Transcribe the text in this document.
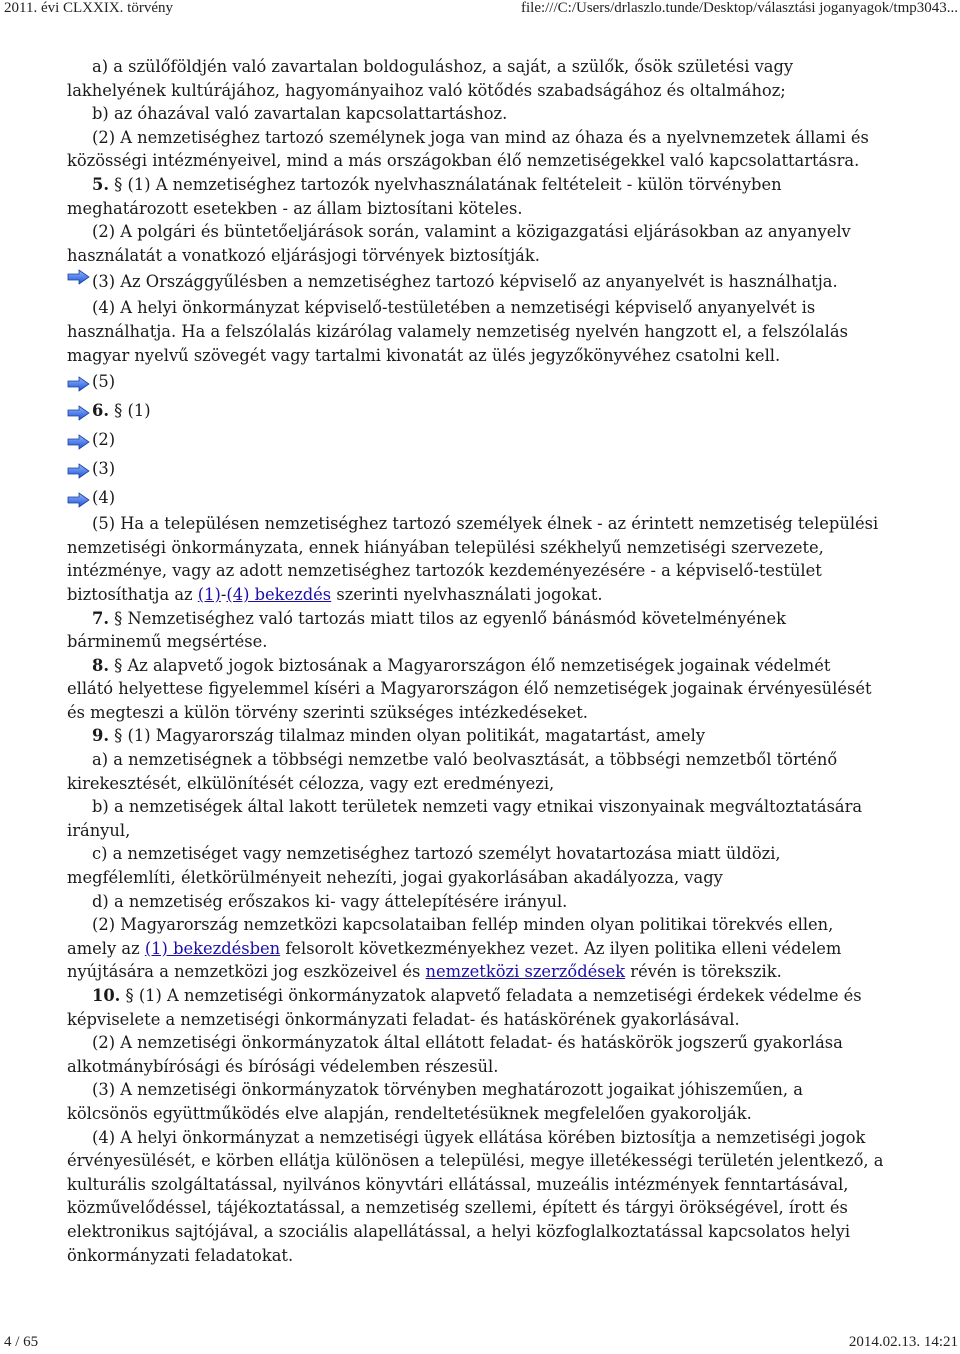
2011. évi CLXXIX. törvény	file:///C:/Users/drlaszlo.tunde/Desktop/választási joganyagok/tmp3043...
a) a szülőföldjén való zavartalan boldoguláshoz, a saját, a szülők, ősök születési vagy
lakhelyének kultúrájához, hagyományaihoz való kötődés szabadságához és oltalmához;
b) az óhazával való zavartalan kapcsolattartáshoz.
(2) A nemzetiséghez tartozó személynek joga van mind az óhaza és a nyelvnemzetek állami és
közösségi intézményeivel, mind a más országokban élő nemzetiségekkel való kapcsolattartásra.
5. § (1) A nemzetiséghez tartozók nyelvhasználatának feltételeit - külön törvényben
meghatározott esetekben - az állam biztosítani köteles.
(2) A polgári és büntetőeljárások során, valamint a közigazgatási eljárásokban az anyanyelv
használatát a vonatkozó eljárásjogi törvények biztosítják.
(3) Az Országgyűlésben a nemzetiséghez tartozó képviselő az anyanyelvét is használhatja.
(4) A helyi önkormányzat képviselő-testületében a nemzetiségi képviselő anyanyelvét is
használhatja. Ha a felszólalás kizárólag valamely nemzetiség nyelvén hangzott el, a felszólalás
magyar nyelvű szövegét vagy tartalmi kivonatát az ülés jegyzőkönyvéhez csatolni kell.
(5)
6. § (1)
(2)
(3)
(4)
(5) Ha a településen nemzetiséghez tartozó személyek élnek - az érintett nemzetiség települési
nemzetiségi önkormányzata, ennek hiányában települési székhelyű nemzetiségi szervezete,
intézménye, vagy az adott nemzetiséghez tartozók kezdeményezésére - a képviselő-testület
biztosíthatja az (1)-(4) bekezdés szerinti nyelvhasználati jogokat.
7. § Nemzetiséghez való tartozás miatt tilos az egyenlő bánásmód követelményének
bárminemű megsértése.
8. § Az alapvető jogok biztosának a Magyarországon élő nemzetiségek jogainak védelmét
ellátó helyettese figyelemmel kíséri a Magyarországon élő nemzetiségek jogainak érvényesülését
és megteszi a külön törvény szerinti szükséges intézkedéseket.
9. § (1) Magyarország tilalmaz minden olyan politikát, magatartást, amely
a) a nemzetiségnek a többségi nemzetbe való beolvasztását, a többségi nemzetből történő
kirekesztését, elkülönítését célozza, vagy ezt eredményezi,
b) a nemzetiségek által lakott területek nemzeti vagy etnikai viszonyainak megváltoztatására
irányul,
c) a nemzetiséget vagy nemzetiséghez tartozó személyt hovatartozása miatt üldözi,
megfélemlíti, életkörülményeit nehezíti, jogai gyakorlásában akadályozza, vagy
d) a nemzetiség erőszakos ki- vagy áttelepítésére irányul.
(2) Magyarország nemzetközi kapcsolataiban fellép minden olyan politikai törekvés ellen,
amely az (1) bekezdésben felsorolt következményekhez vezet. Az ilyen politika elleni védelem
nyújtására a nemzetközi jog eszközeivel és nemzetközi szerződések révén is törekszik.
10. § (1) A nemzetiségi önkormányzatok alapvető feladata a nemzetiségi érdekek védelme és
képviselete a nemzetiségi önkormányzati feladat- és hatáskörének gyakorlásával.
(2) A nemzetiségi önkormányzatok által ellátott feladat- és hatáskörök jogszerű gyakorlása
alkotmánybírósági és bírósági védelemben részesül.
(3) A nemzetiségi önkormányzatok törvényben meghatározott jogaikat jóhiszeműen, a
kölcsönös együttműködés elve alapján, rendeltetésüknek megfelelően gyakorolják.
(4) A helyi önkormányzat a nemzetiségi ügyek ellátása körében biztosítja a nemzetiségi jogok
érvényesülését, e körben ellátja különösen a települési, megye illetékességi területén jelentkező, a
kulturális szolgáltatással, nyilvános könyvtári ellátással, muzeális intézmények fenntartásával,
közművelődéssel, tájékoztatással, a nemzetiség szellemi, épített és tárgyi örökségével, írott és
elektronikus sajtójával, a szociális alapellátással, a helyi közfoglalkoztatással kapcsolatos helyi
önkormányzati feladatokat.
4 / 65	2014.02.13. 14:21
